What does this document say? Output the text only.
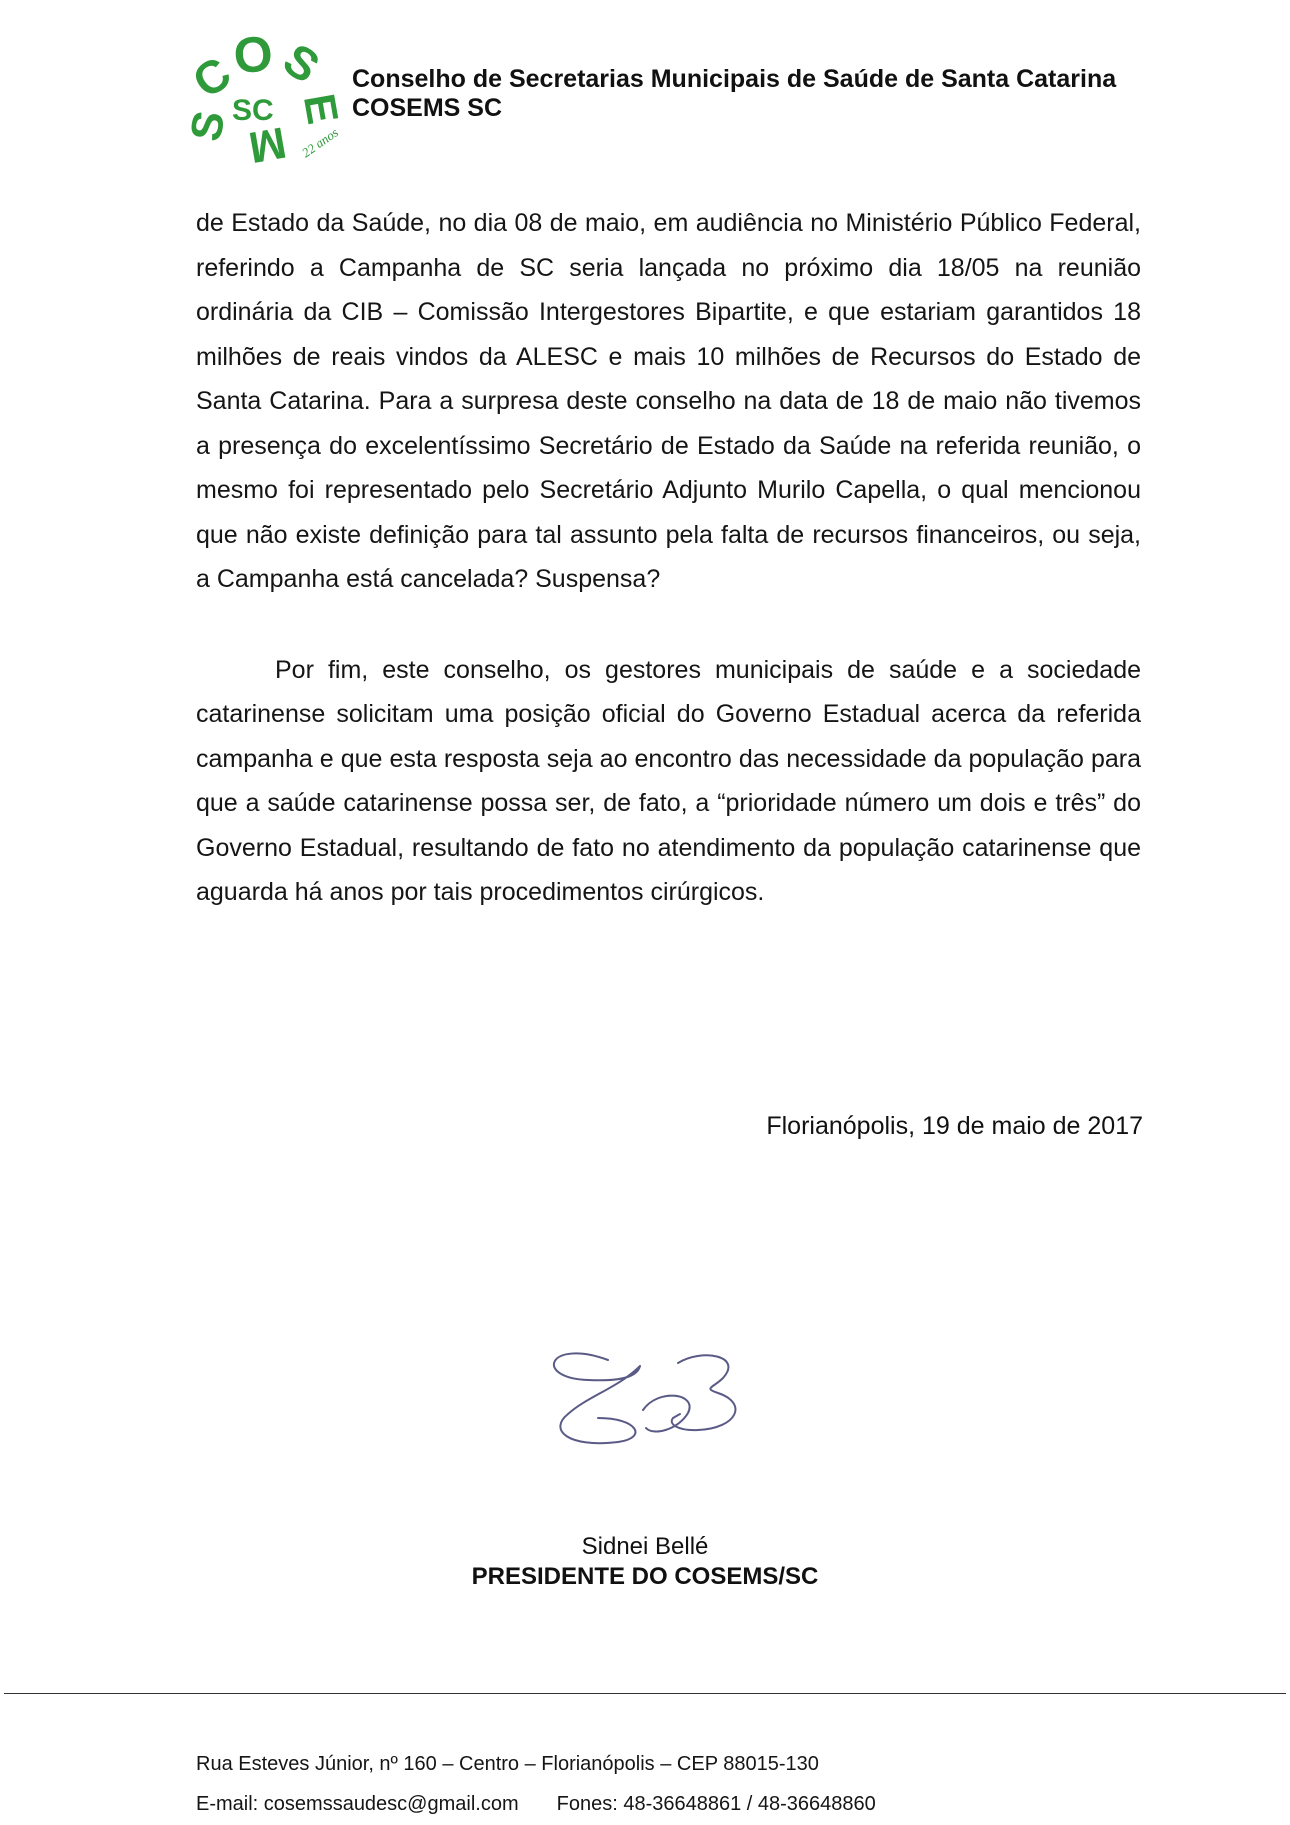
C
O S
E
S M
SC
22 anos
Conselho de Secretarias Municipais de Saúde de Santa Catarina
COSEMS SC

de Estado da Saúde, no dia 08 de maio, em audiência no Ministério Público Federal, referindo a Campanha de SC seria lançada no próximo dia 18/05 na reunião ordinária da CIB – Comissão Intergestores Bipartite, e que estariam garantidos 18 milhões de reais vindos da ALESC e mais 10 milhões de Recursos do Estado de Santa Catarina. Para a surpresa deste conselho na data de 18 de maio não tivemos a presença do excelentíssimo Secretário de Estado da Saúde na referida reunião, o mesmo foi representado pelo Secretário Adjunto Murilo Capella, o qual mencionou que não existe definição para tal assunto pela falta de recursos financeiros, ou seja, a Campanha está cancelada? Suspensa?

Por fim, este conselho, os gestores municipais de saúde e a sociedade catarinense solicitam uma posição oficial do Governo Estadual acerca da referida campanha e que esta resposta seja ao encontro das necessidade da população para que a saúde catarinense possa ser, de fato, a “prioridade número um dois e três” do Governo Estadual, resultando de fato no atendimento da população catarinense que aguarda há anos por tais procedimentos cirúrgicos.

Florianópolis, 19 de maio de 2017
Sidnei Bellé
PRESIDENTE DO COSEMS/SC
Rua Esteves Júnior, nº 160 – Centro – Florianópolis – CEP 88015-130
E-mail: cosemssaudesc@gmail.com Fones: 48-36648861 / 48-36648860
